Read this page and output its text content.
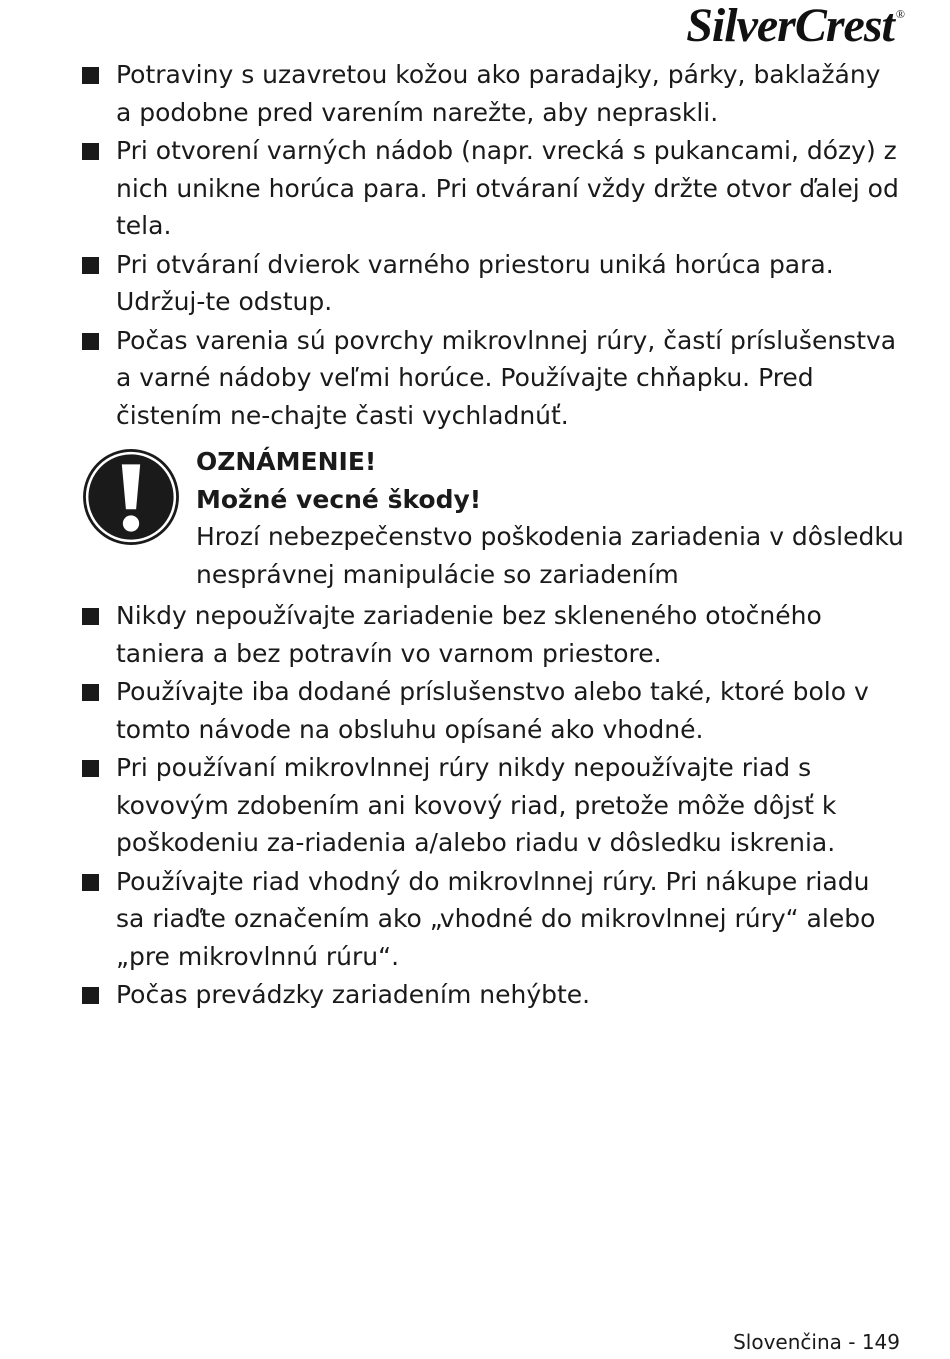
SilverCrest ®
Potraviny s uzavretou kožou ako paradajky, párky, baklažány a podobne pred varením narežte, aby nepraskli.
Pri otvorení varných nádob (napr. vrecká s pukancami, dózy) z nich unikne horúca para. Pri otváraní vždy držte otvor ďalej od tela.
Pri otváraní dvierok varného priestoru uniká horúca para. Udržuj-te odstup.
Počas varenia sú povrchy mikrovlnnej rúry, častí príslušenstva a varné nádoby veľmi horúce. Používajte chňapku. Pred čistením ne-chajte časti vychladnúť.
OZNÁMENIE!
Možné vecné škody!
Hrozí nebezpečenstvo poškodenia zariadenia v dôsledku nesprávnej manipulácie so zariadením
Nikdy nepoužívajte zariadenie bez skleneného otočného taniera a bez potravín vo varnom priestore.
Používajte iba dodané príslušenstvo alebo také, ktoré bolo v tomto návode na obsluhu opísané ako vhodné.
Pri používaní mikrovlnnej rúry nikdy nepoužívajte riad s kovovým zdobením ani kovový riad, pretože môže dôjsť k poškodeniu za-riadenia a/alebo riadu v dôsledku iskrenia.
Používajte riad vhodný do mikrovlnnej rúry. Pri nákupe riadu sa riaďte označením ako „vhodné do mikrovlnnej rúry“ alebo „pre mikrovlnnú rúru“.
Počas prevádzky zariadením nehýbte.
Slovenčina - 149
